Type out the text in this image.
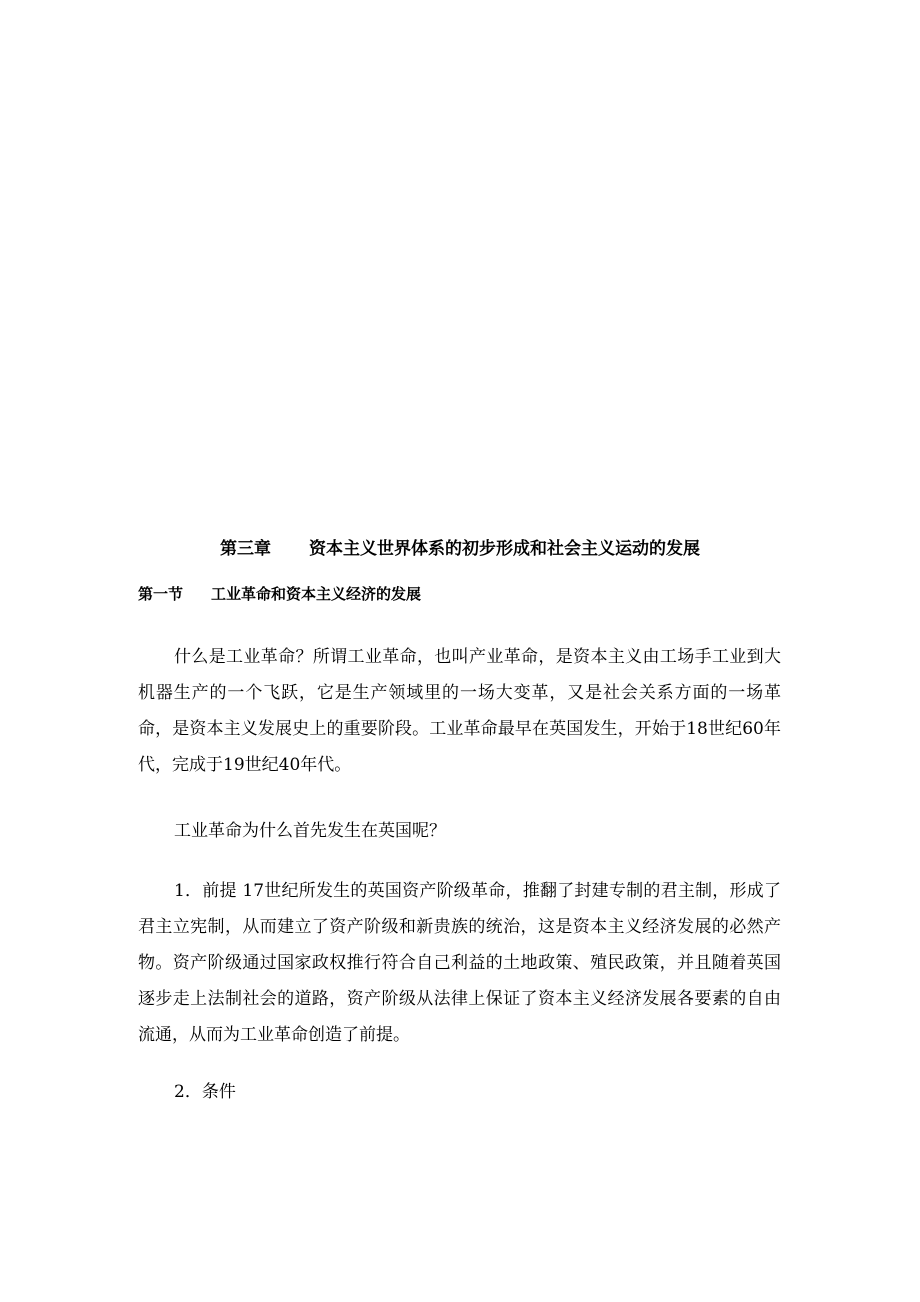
第三章 资本主义世界体系的初步形成和社会主义运动的发展
第一节 工业革命和资本主义经济的发展

什么是工业革命？所谓工业革命，也叫产业革命，是资本主义由工场手工业到大机器生产的一个飞跃，它是生产领域里的一场大变革，又是社会关系方面的一场革命，是资本主义发展史上的重要阶段。工业革命最早在英国发生，开始于18世纪60年代，完成于19世纪40年代。

工业革命为什么首先发生在英国呢？

1．前提 17世纪所发生的英国资产阶级革命，推翻了封建专制的君主制，形成了君主立宪制，从而建立了资产阶级和新贵族的统治，这是资本主义经济发展的必然产物。资产阶级通过国家政权推行符合自己利益的土地政策、殖民政策，并且随着英国逐步走上法制社会的道路，资产阶级从法律上保证了资本主义经济发展各要素的自由流通，从而为工业革命创造了前提。

2．条件
